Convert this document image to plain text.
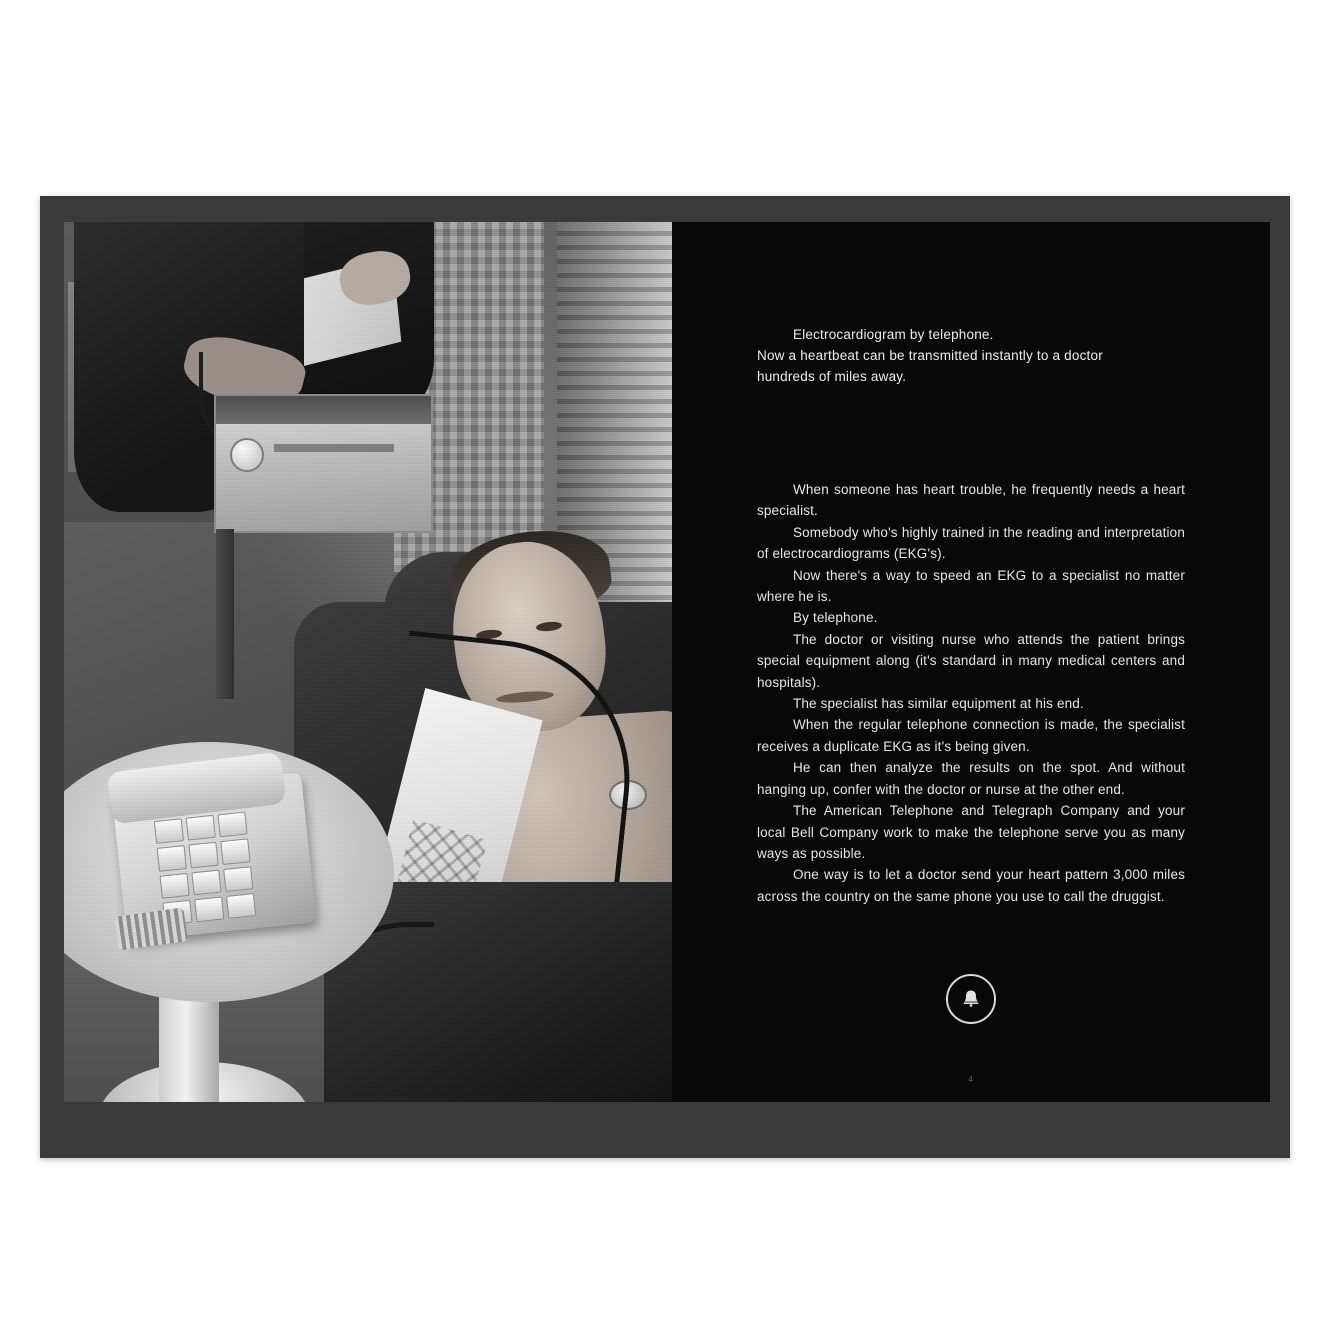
Electrocardiogram by telephone.
Now a heartbeat can be transmitted instantly to a doctor
hundreds of miles away.

When someone has heart trouble, he frequently needs a heart specialist.

Somebody who's highly trained in the reading and interpretation of electrocardiograms (EKG's).

Now there's a way to speed an EKG to a specialist no matter where he is.

By telephone.

The doctor or visiting nurse who attends the patient brings special equipment along (it's standard in many medical centers and hospitals).

The specialist has similar equipment at his end.

When the regular telephone connection is made, the specialist receives a duplicate EKG as it's being given.

He can then analyze the results on the spot. And without hanging up, confer with the doctor or nurse at the other end.

The American Telephone and Telegraph Company and your local Bell Company work to make the telephone serve you as many ways as possible.

One way is to let a doctor send your heart pattern 3,000 miles across the country on the same phone you use to call the druggist.

4
